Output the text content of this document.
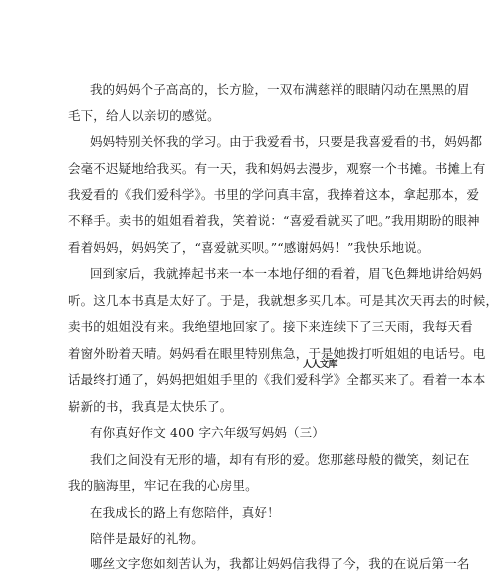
我的妈妈个子高高的，长方脸，一双布满慈祥的眼睛闪动在黑黑的眉
毛下，给人以亲切的感觉。
妈妈特别关怀我的学习。由于我爱看书，只要是我喜爱看的书，妈妈都
会毫不迟疑地给我买。有一天，我和妈妈去漫步，观察一个书摊。书摊上有
我爱看的《我们爱科学》。书里的学问真丰富，我捧着这本，拿起那本，爱
不释手。卖书的姐姐看着我，笑着说：“喜爱看就买了吧。”我用期盼的眼神
看着妈妈，妈妈笑了，“喜爱就买呗。”“感谢妈妈！”我快乐地说。
回到家后，我就捧起书来一本一本地仔细的看着，眉飞色舞地讲给妈妈
听。这几本书真是太好了。于是，我就想多买几本。可是其次天再去的时候，
卖书的姐姐没有来。我绝望地回家了。接下来连续下了三天雨，我每天看
着窗外盼着天晴。妈妈看在眼里特别焦急，于是她拨打听姐姐的电话号。电
话最终打通了，妈妈把姐姐手里的《我们爱科学》全都买来了。看着一本本
崭新的书，我真是太快乐了。
有你真好作文 400 字六年级写妈妈（三）
我们之间没有无形的墙，却有有形的爱。您那慈母般的微笑，刻记在
我的脑海里，牢记在我的心房里。
在我成长的路上有您陪伴，真好！
陪伴是最好的礼物。
哪丝文字您如刻苦认为，我都让妈妈信我得了今，我的在说后第一名
人人文库
